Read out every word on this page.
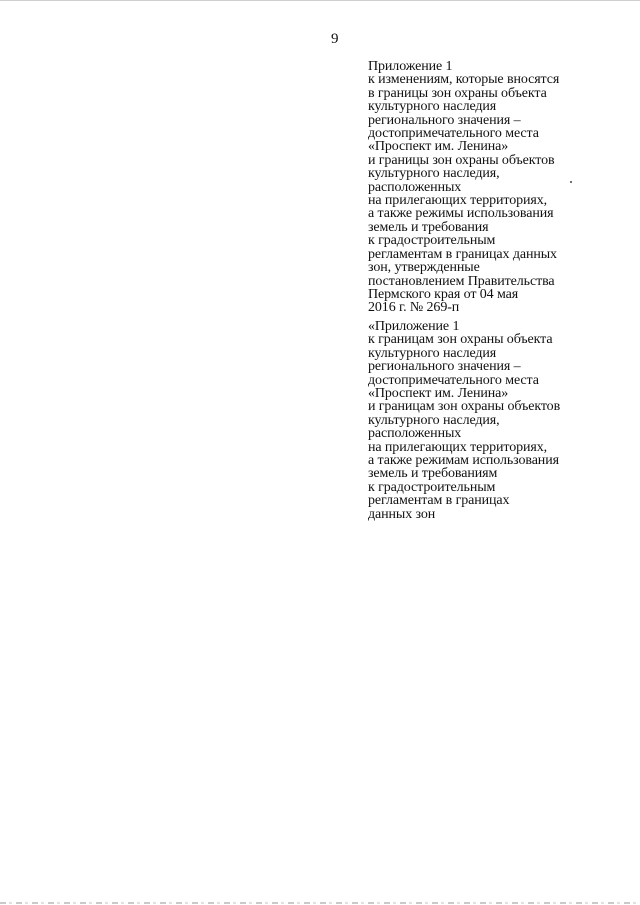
9
Приложение 1
к изменениям, которые вносятся
в границы зон охраны объекта
культурного наследия
регионального значения –
достопримечательного места
«Проспект им. Ленина»
и границы зон охраны объектов
культурного наследия,
расположенных
на прилегающих территориях,
а также режимы использования
земель и требования
к градостроительным
регламентам в границах данных
зон, утвержденные
постановлением Правительства
Пермского края от 04 мая
2016 г. № 269-п
«Приложение 1
к границам зон охраны объекта
культурного наследия
регионального значения –
достопримечательного места
«Проспект им. Ленина»
и границам зон охраны объектов
культурного наследия,
расположенных
на прилегающих территориях,
а также режимам использования
земель и требованиям
к градостроительным
регламентам в границах
данных зон
